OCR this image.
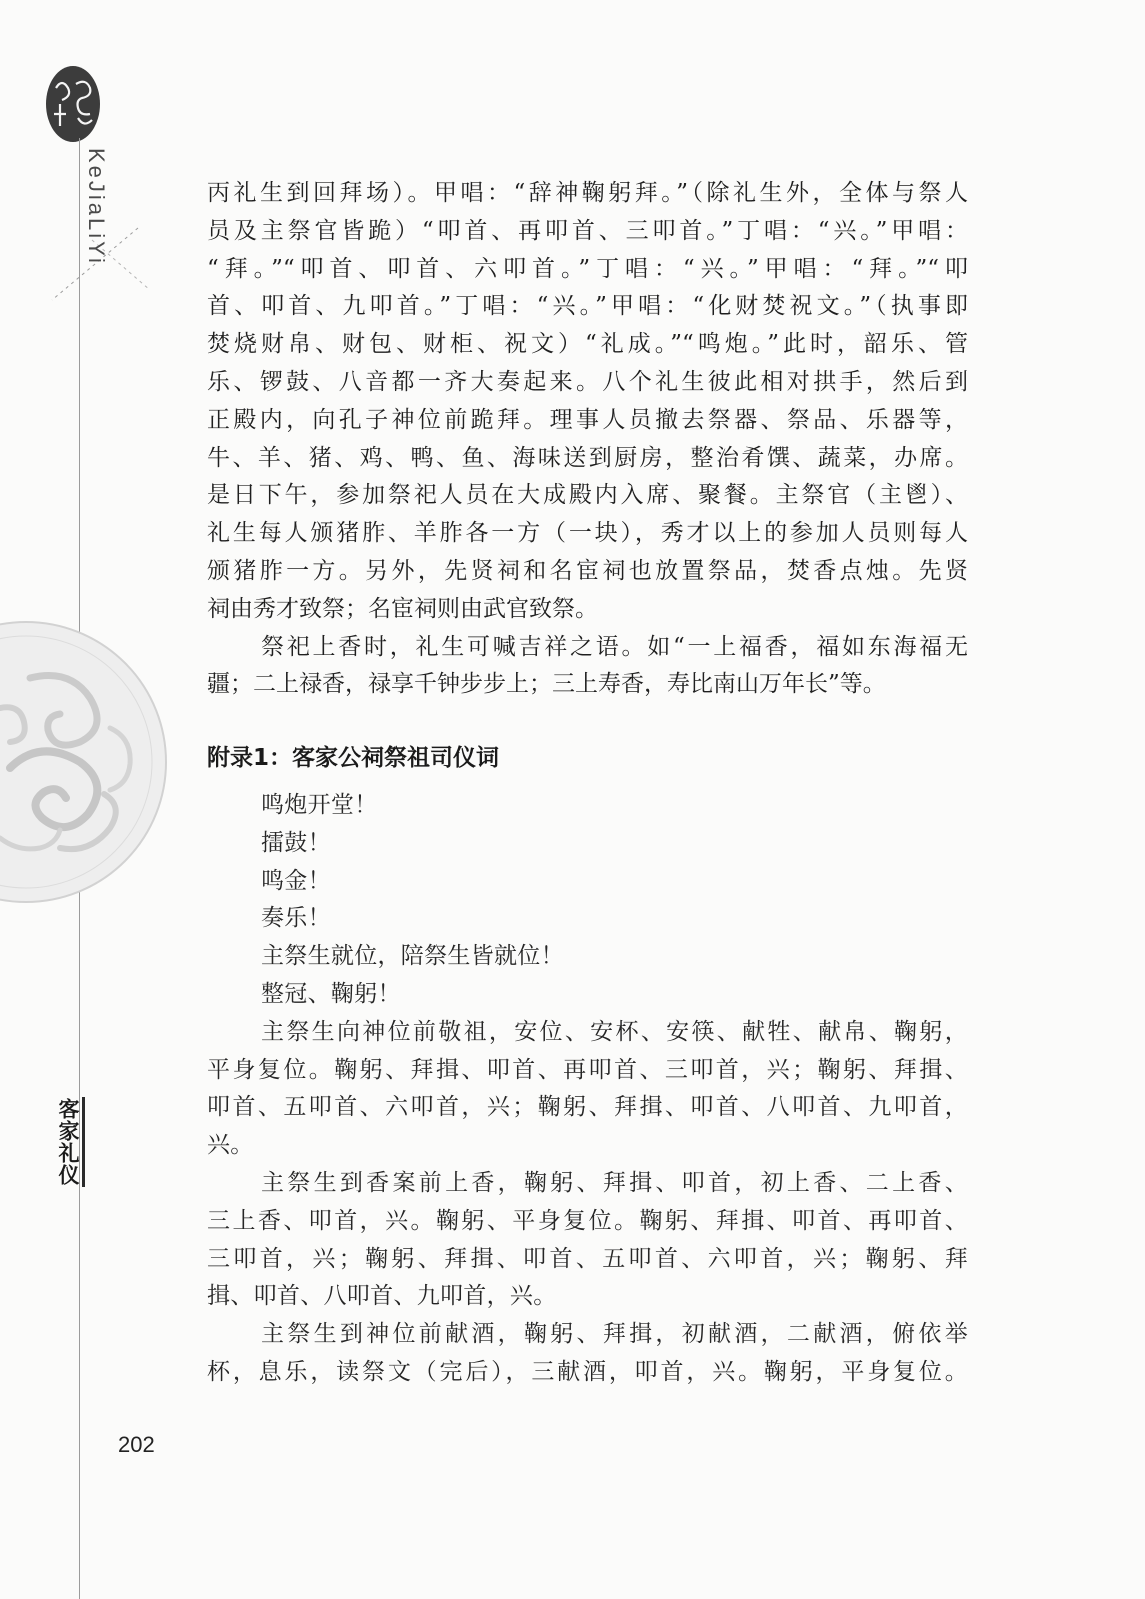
KeJiaLiYi
客家礼仪
丙礼生到回拜场）。甲唱：“辞神鞠躬拜。”（除礼生外，全体与祭人
员及主祭官皆跪）“叩首、再叩首、三叩首。”丁唱：“兴。”甲唱：
“拜。”“叩首、叩首、六叩首。”丁唱：“兴。”甲唱：“拜。”“叩
首、叩首、九叩首。”丁唱：“兴。”甲唱：“化财焚祝文。”（执事即
焚烧财帛、财包、财柜、祝文）“礼成。”“鸣炮。”此时，韶乐、管
乐、锣鼓、八音都一齐大奏起来。八个礼生彼此相对拱手，然后到
正殿内，向孔子神位前跪拜。理事人员撤去祭器、祭品、乐器等，
牛、羊、猪、鸡、鸭、鱼、海味送到厨房，整治肴馔、蔬菜，办席。
是日下午，参加祭祀人员在大成殿内入席、聚餐。主祭官（主鬯）、
礼生每人颁猪胙、羊胙各一方（一块），秀才以上的参加人员则每人
颁猪胙一方。另外，先贤祠和名宦祠也放置祭品，焚香点烛。先贤
祠由秀才致祭；名宦祠则由武官致祭。
祭祀上香时，礼生可喊吉祥之语。如“一上福香，福如东海福无
疆；二上禄香，禄享千钟步步上；三上寿香，寿比南山万年长”等。
附录1：客家公祠祭祖司仪词
鸣炮开堂！
擂鼓！
鸣金！
奏乐！
主祭生就位，陪祭生皆就位！
整冠、鞠躬！
主祭生向神位前敬祖，安位、安杯、安筷、献牲、献帛、鞠躬，
平身复位。鞠躬、拜揖、叩首、再叩首、三叩首，兴；鞠躬、拜揖、
叩首、五叩首、六叩首，兴；鞠躬、拜揖、叩首、八叩首、九叩首，
兴。
主祭生到香案前上香，鞠躬、拜揖、叩首，初上香、二上香、
三上香、叩首，兴。鞠躬、平身复位。鞠躬、拜揖、叩首、再叩首、
三叩首，兴；鞠躬、拜揖、叩首、五叩首、六叩首，兴；鞠躬、拜
揖、叩首、八叩首、九叩首，兴。
主祭生到神位前献酒，鞠躬、拜揖，初献酒，二献酒，俯依举
杯，息乐，读祭文（完后），三献酒，叩首，兴。鞠躬，平身复位。
202
